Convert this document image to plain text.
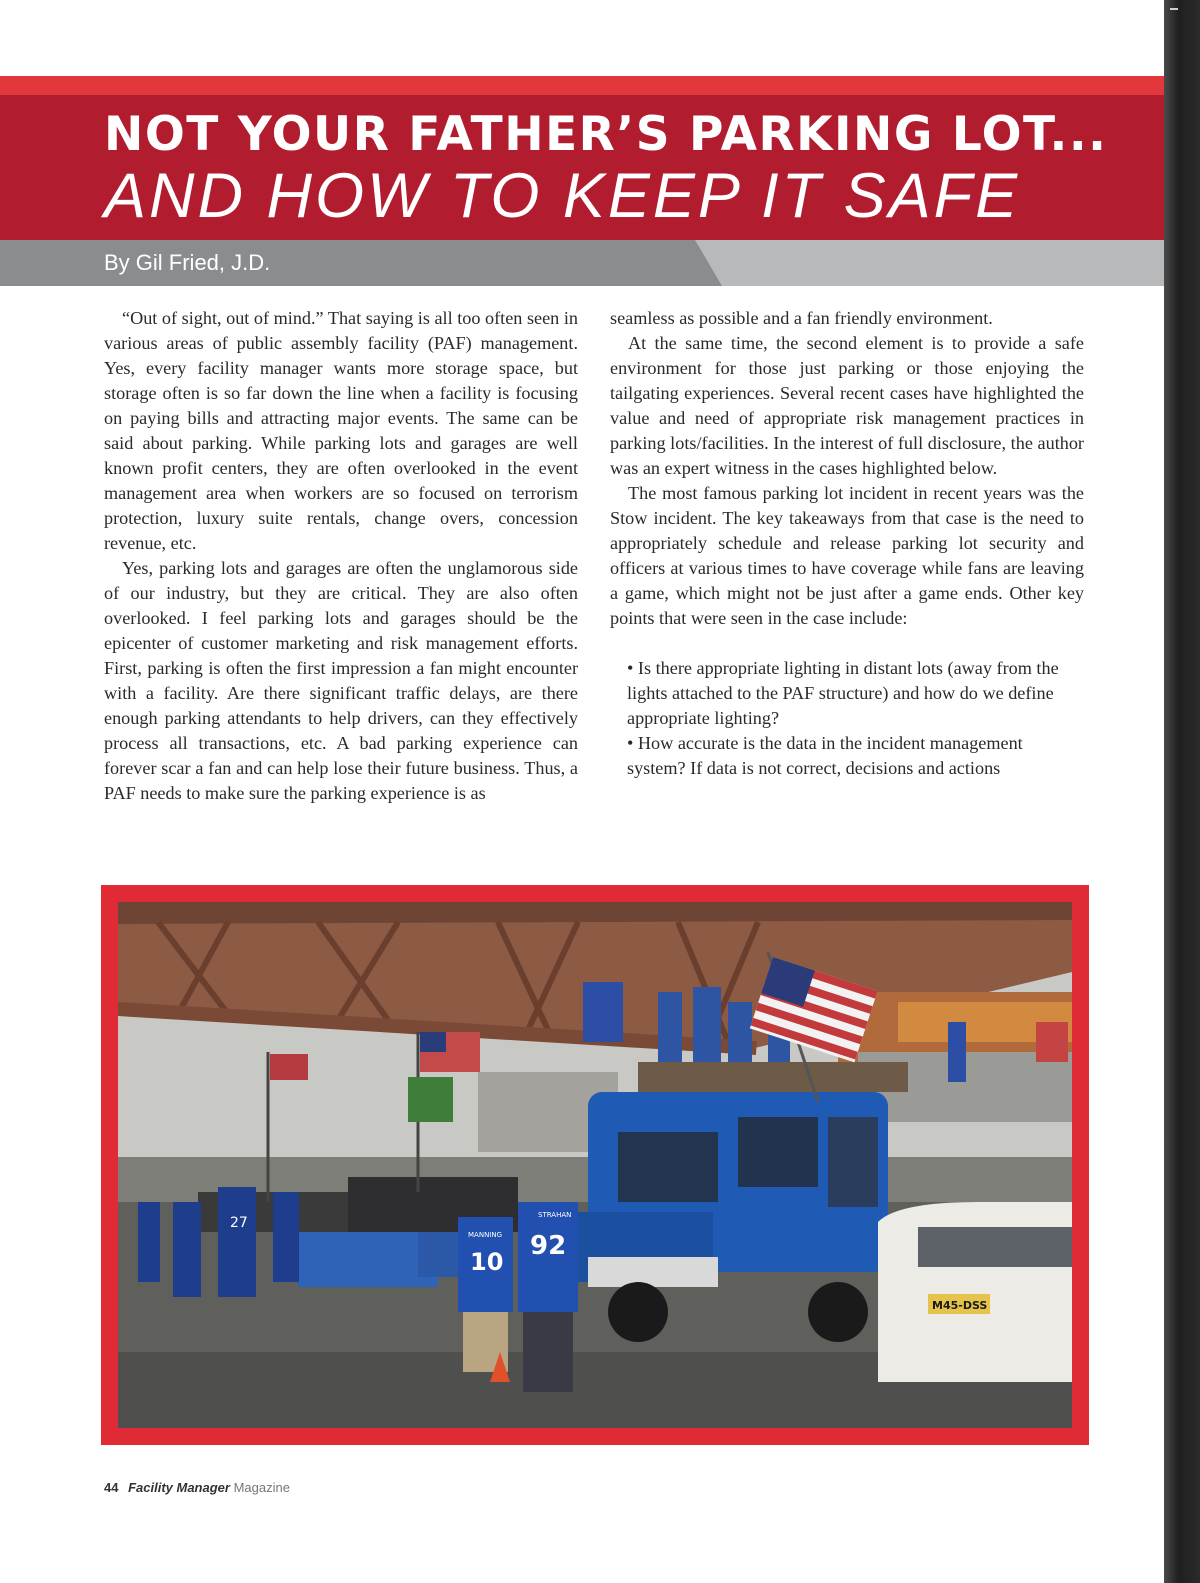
NOT YOUR FATHER’S PARKING LOT...
AND HOW TO KEEP IT SAFE
By Gil Fried, J.D.

“Out of sight, out of mind.” That saying is all too often seen in various areas of public assembly facility (PAF) management. Yes, every facility manager wants more storage space, but storage often is so far down the line when a facility is focusing on paying bills and attracting major events. The same can be said about parking. While parking lots and garages are well known profit centers, they are often overlooked in the event management area when workers are so focused on terrorism protection, luxury suite rentals, change overs, concession revenue, etc.

Yes, parking lots and garages are often the unglamorous side of our industry, but they are critical. They are also often overlooked. I feel parking lots and garages should be the epicenter of customer marketing and risk management efforts. First, parking is often the first impression a fan might encounter with a facility. Are there significant traffic delays, are there enough parking attendants to help drivers, can they effectively process all transactions, etc. A bad parking experience can forever scar a fan and can help lose their future business. Thus, a PAF needs to make sure the parking experience is as

seamless as possible and a fan friendly environment.

At the same time, the second element is to provide a safe environment for those just parking or those enjoying the tailgating experiences. Several recent cases have highlighted the value and need of appropriate risk management practices in parking lots/facilities. In the interest of full disclosure, the author was an expert witness in the cases highlighted below.

The most famous parking lot incident in recent years was the Stow incident. The key takeaways from that case is the need to appropriately schedule and release parking lot security and officers at various times to have coverage while fans are leaving a game, which might not be just after a game ends. Other key points that were seen in the case include:

• Is there appropriate lighting in distant lots (away from the lights attached to the PAF structure) and how do we define appropriate lighting?
• How accurate is the data in the incident management system? If data is not correct, decisions and actions
27
MANNING
STRAHAN
10
92
M45-DSS
44 Facility Manager Magazine
